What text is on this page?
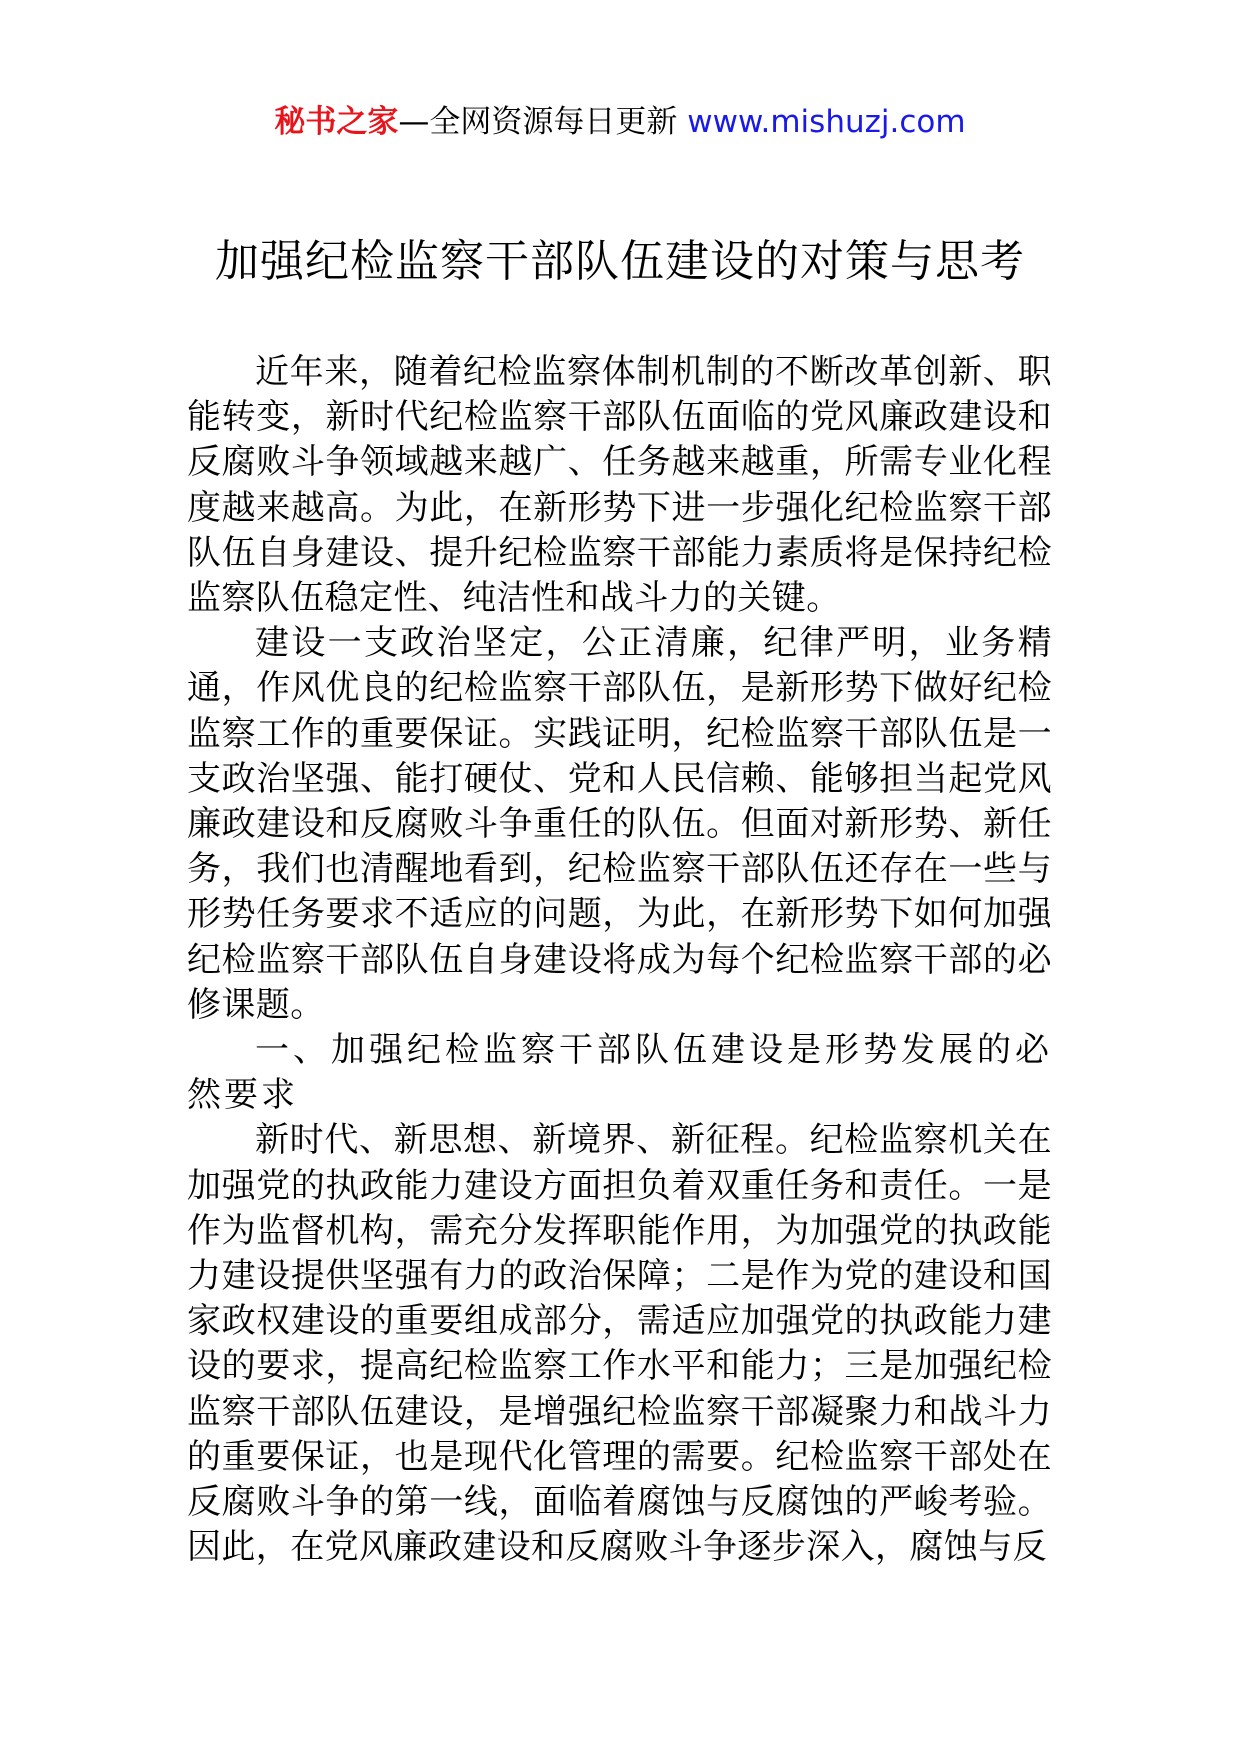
秘书之家—全网资源每日更新 www.mishuzj.com
加强纪检监察干部队伍建设的对策与思考

近年来，随着纪检监察体制机制的不断改革创新、职能转变，新时代纪检监察干部队伍面临的党风廉政建设和反腐败斗争领域越来越广、任务越来越重，所需专业化程度越来越高。为此，在新形势下进一步强化纪检监察干部队伍自身建设、提升纪检监察干部能力素质将是保持纪检监察队伍稳定性、纯洁性和战斗力的关键。

建设一支政治坚定，公正清廉，纪律严明，业务精通，作风优良的纪检监察干部队伍，是新形势下做好纪检监察工作的重要保证。实践证明，纪检监察干部队伍是一支政治坚强、能打硬仗、党和人民信赖、能够担当起党风廉政建设和反腐败斗争重任的队伍。但面对新形势、新任务，我们也清醒地看到，纪检监察干部队伍还存在一些与形势任务要求不适应的问题，为此，在新形势下如何加强纪检监察干部队伍自身建设将成为每个纪检监察干部的必修课题。

一、加强纪检监察干部队伍建设是形势发展的必然要求

新时代、新思想、新境界、新征程。纪检监察机关在加强党的执政能力建设方面担负着双重任务和责任。一是作为监督机构，需充分发挥职能作用，为加强党的执政能力建设提供坚强有力的政治保障；二是作为党的建设和国家政权建设的重要组成部分，需适应加强党的执政能力建设的要求，提高纪检监察工作水平和能力；三是加强纪检监察干部队伍建设，是增强纪检监察干部凝聚力和战斗力的重要保证，也是现代化管理的需要。纪检监察干部处在反腐败斗争的第一线，面临着腐蚀与反腐蚀的严峻考验。因此，在党风廉政建设和反腐败斗争逐步深入，腐蚀与反
